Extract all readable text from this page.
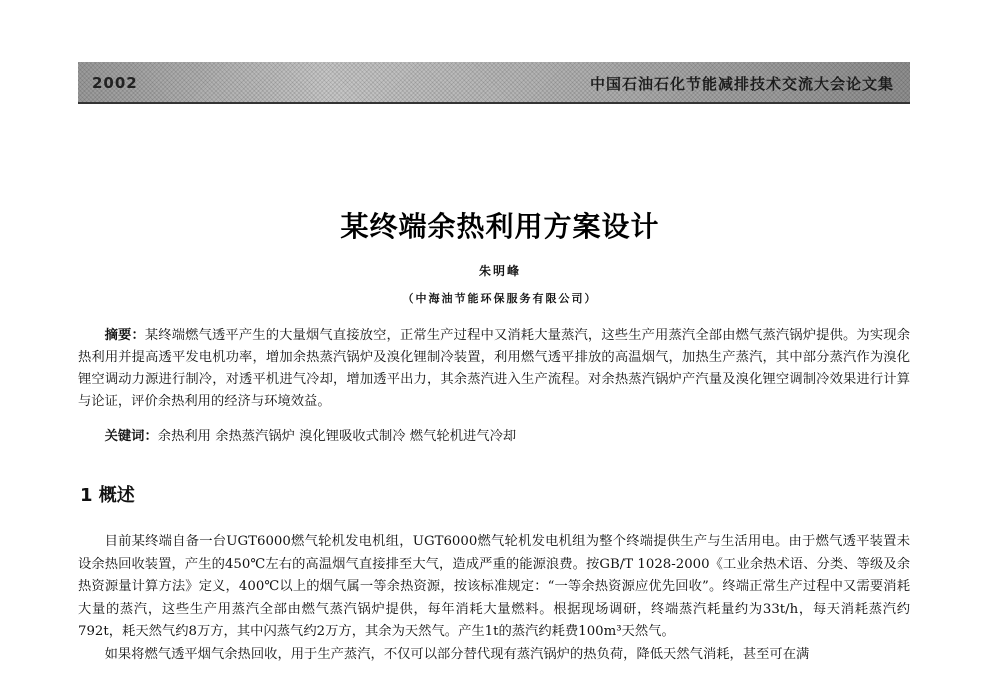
2002	中国石油石化节能减排技术交流大会论文集
某终端余热利用方案设计
朱明峰
（中海油节能环保服务有限公司）
摘要：某终端燃气透平产生的大量烟气直接放空，正常生产过程中又消耗大量蒸汽，这些生产用蒸汽全部由燃气蒸汽锅炉提供。为实现余热利用并提高透平发电机功率，增加余热蒸汽锅炉及溴化锂制冷装置，利用燃气透平排放的高温烟气，加热生产蒸汽，其中部分蒸汽作为溴化锂空调动力源进行制冷，对透平机进气冷却，增加透平出力，其余蒸汽进入生产流程。对余热蒸汽锅炉产汽量及溴化锂空调制冷效果进行计算与论证，评价余热利用的经济与环境效益。
关键词：余热利用 余热蒸汽锅炉 溴化锂吸收式制冷 燃气轮机进气冷却
1 概述
目前某终端自备一台UGT6000燃气轮机发电机组，UGT6000燃气轮机发电机组为整个终端提供生产与生活用电。由于燃气透平装置未设余热回收装置，产生的450℃左右的高温烟气直接排至大气，造成严重的能源浪费。按GB/T 1028-2000《工业余热术语、分类、等级及余热资源量计算方法》定义，400℃以上的烟气属一等余热资源，按该标准规定：“一等余热资源应优先回收”。终端正常生产过程中又需要消耗大量的蒸汽，这些生产用蒸汽全部由燃气蒸汽锅炉提供，每年消耗大量燃料。根据现场调研，终端蒸汽耗量约为33t/h，每天消耗蒸汽约792t，耗天然气约8万方，其中闪蒸气约2万方，其余为天然气。产生1t的蒸汽约耗费100m³天然气。
如果将燃气透平烟气余热回收，用于生产蒸汽，不仅可以部分替代现有蒸汽锅炉的热负荷，降低天然气消耗，甚至可在满
